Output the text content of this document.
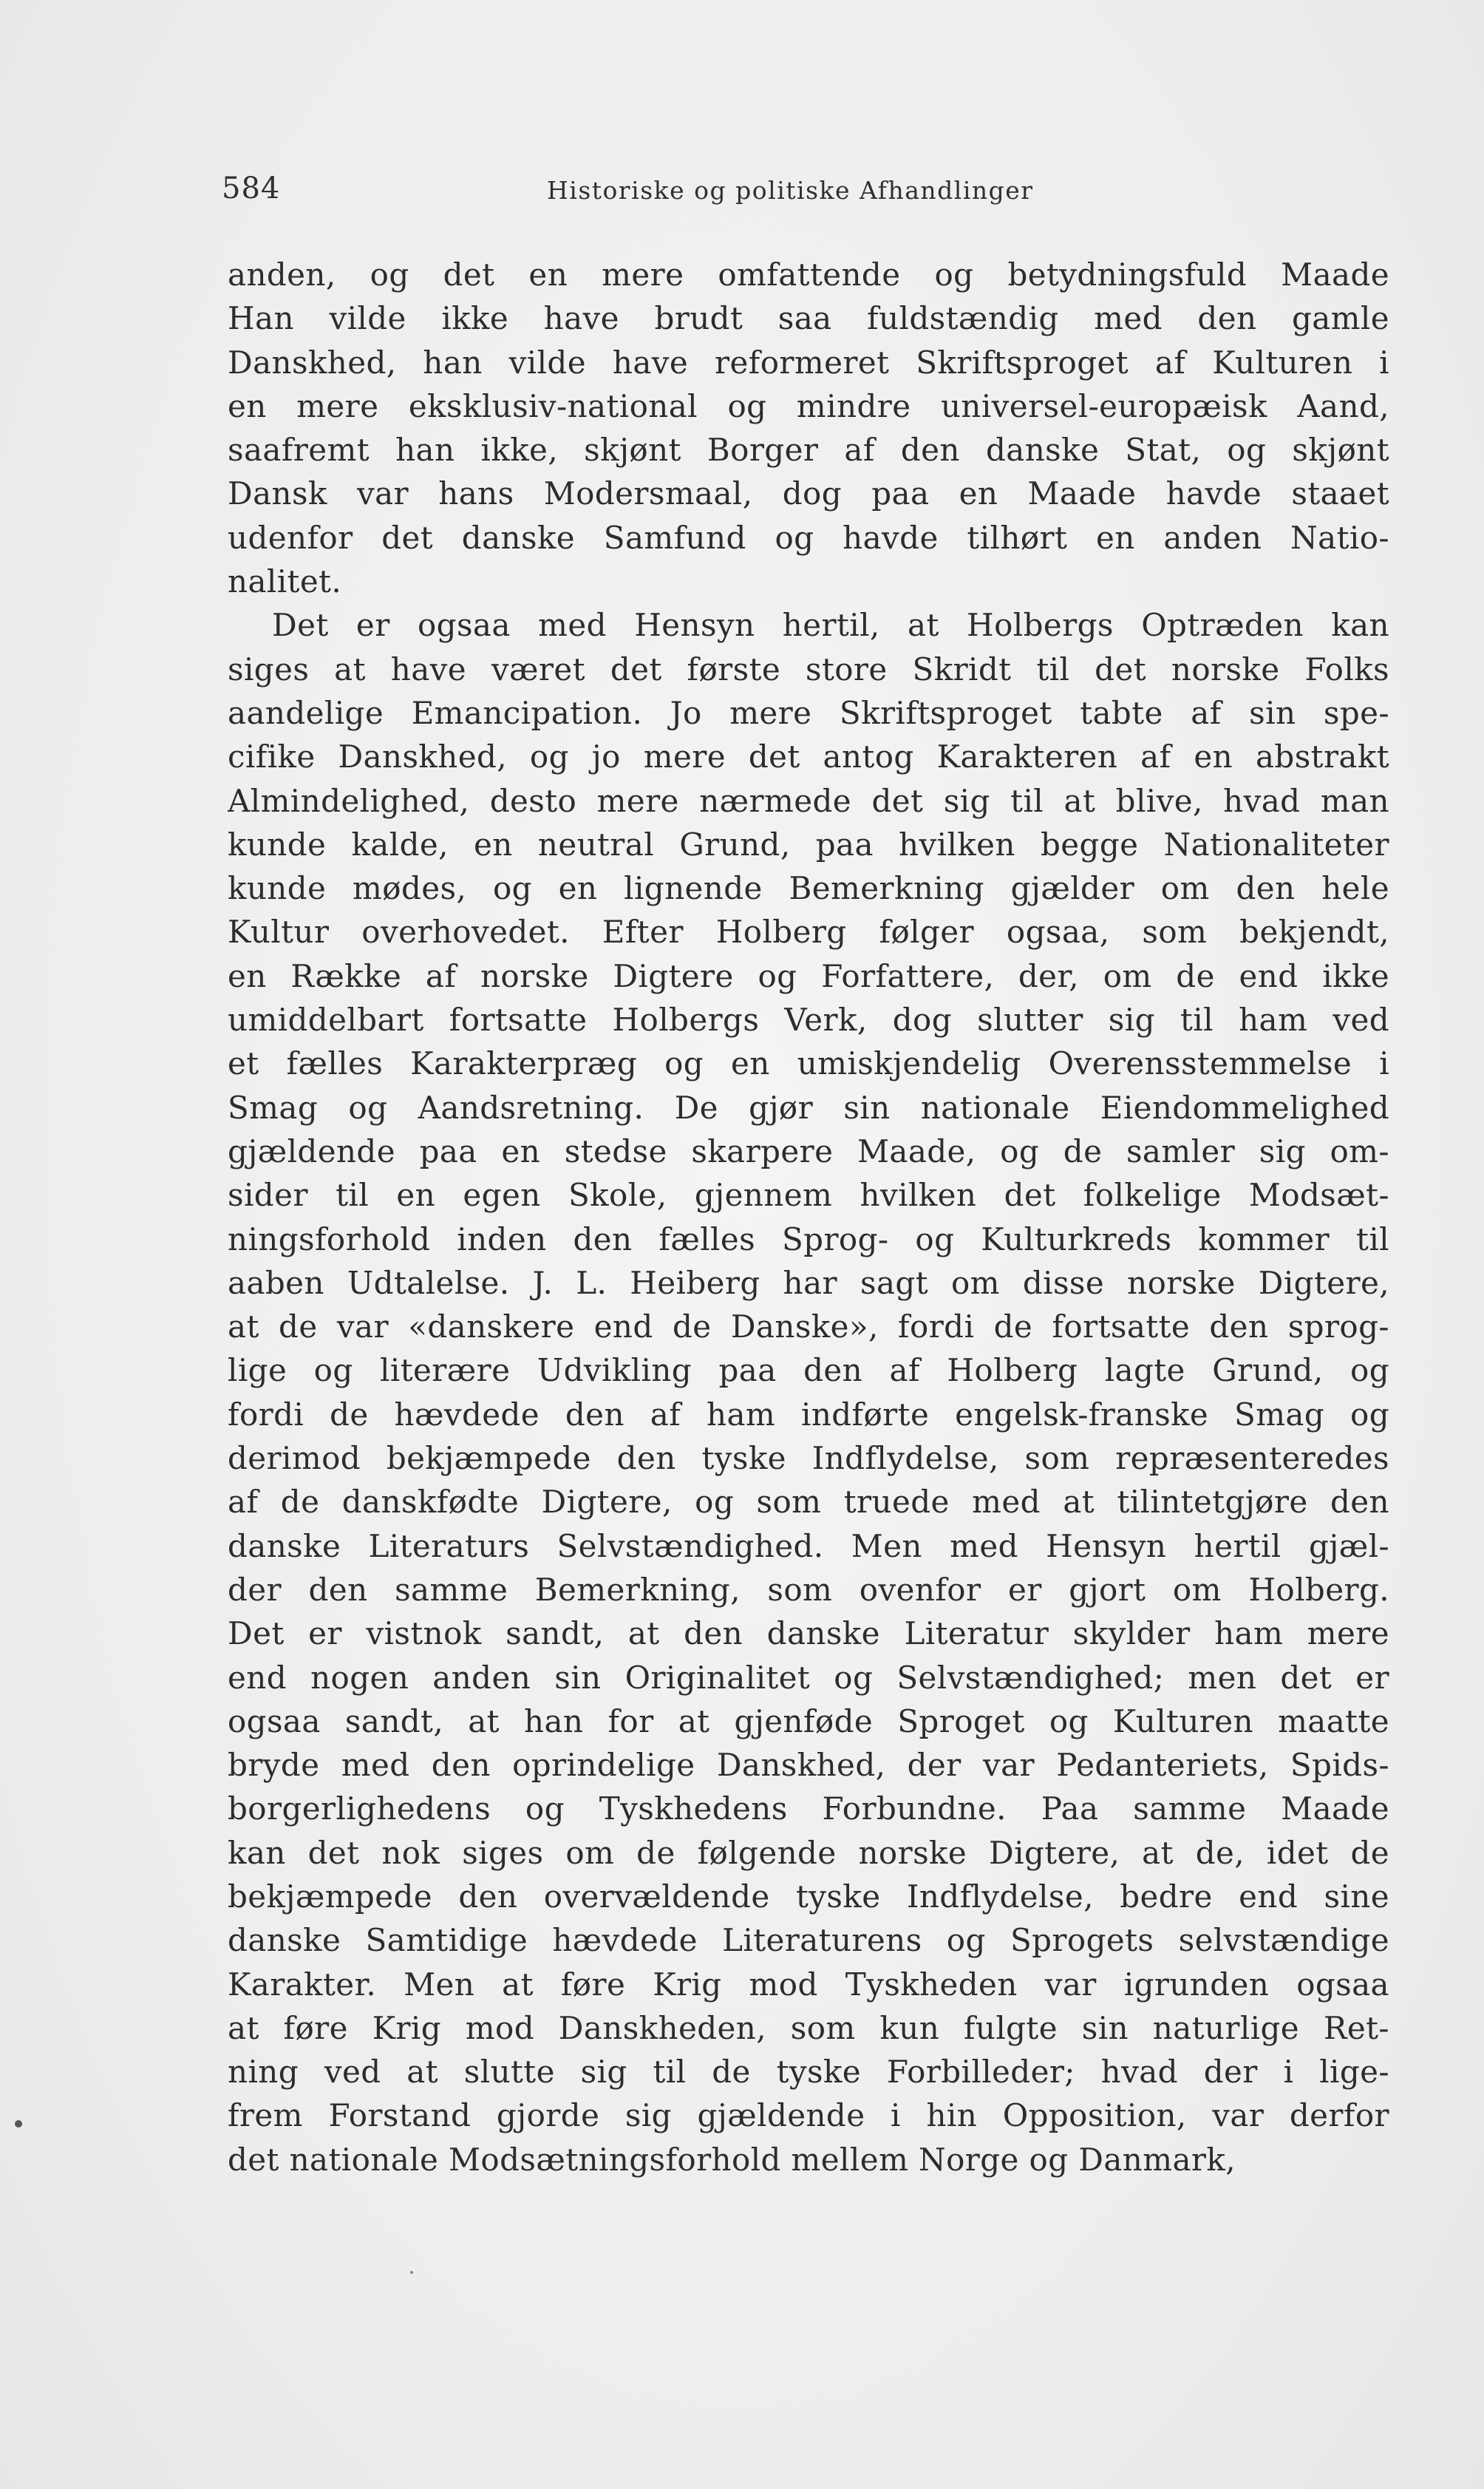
584	Historiske og politiske Afhandlinger
anden, og det en mere omfattende og betydningsfuld Maade
Han vilde ikke have brudt saa fuldstændig med den gamle
Danskhed, han vilde have reformeret Skriftsproget af Kulturen i
en mere eksklusiv-national og mindre universel-europæisk Aand,
saafremt han ikke, skjønt Borger af den danske Stat, og skjønt
Dansk var hans Modersmaal, dog paa en Maade havde staaet
udenfor det danske Samfund og havde tilhørt en anden Natio-
nalitet.
Det er ogsaa med Hensyn hertil, at Holbergs Optræden kan
siges at have været det første store Skridt til det norske Folks
aandelige Emancipation. Jo mere Skriftsproget tabte af sin spe-
cifike Danskhed, og jo mere det antog Karakteren af en abstrakt
Almindelighed, desto mere nærmede det sig til at blive, hvad man
kunde kalde, en neutral Grund, paa hvilken begge Nationaliteter
kunde mødes, og en lignende Bemerkning gjælder om den hele
Kultur overhovedet. Efter Holberg følger ogsaa, som bekjendt,
en Række af norske Digtere og Forfattere, der, om de end ikke
umiddelbart fortsatte Holbergs Verk, dog slutter sig til ham ved
et fælles Karakterpræg og en umiskjendelig Overensstemmelse i
Smag og Aandsretning. De gjør sin nationale Eiendommelighed
gjældende paa en stedse skarpere Maade, og de samler sig om-
sider til en egen Skole, gjennem hvilken det folkelige Modsæt-
ningsforhold inden den fælles Sprog- og Kulturkreds kommer til
aaben Udtalelse. J. L. Heiberg har sagt om disse norske Digtere,
at de var «danskere end de Danske», fordi de fortsatte den sprog-
lige og literære Udvikling paa den af Holberg lagte Grund, og
fordi de hævdede den af ham indførte engelsk-franske Smag og
derimod bekjæmpede den tyske Indflydelse, som repræsenteredes
af de danskfødte Digtere, og som truede med at tilintetgjøre den
danske Literaturs Selvstændighed. Men med Hensyn hertil gjæl-
der den samme Bemerkning, som ovenfor er gjort om Holberg.
Det er vistnok sandt, at den danske Literatur skylder ham mere
end nogen anden sin Originalitet og Selvstændighed; men det er
ogsaa sandt, at han for at gjenføde Sproget og Kulturen maatte
bryde med den oprindelige Danskhed, der var Pedanteriets, Spids-
borgerlighedens og Tyskhedens Forbundne. Paa samme Maade
kan det nok siges om de følgende norske Digtere, at de, idet de
bekjæmpede den overvældende tyske Indflydelse, bedre end sine
danske Samtidige hævdede Literaturens og Sprogets selvstændige
Karakter. Men at føre Krig mod Tyskheden var igrunden ogsaa
at føre Krig mod Danskheden, som kun fulgte sin naturlige Ret-
ning ved at slutte sig til de tyske Forbilleder; hvad der i lige-
frem Forstand gjorde sig gjældende i hin Opposition, var derfor
det nationale Modsætningsforhold mellem Norge og Danmark,
